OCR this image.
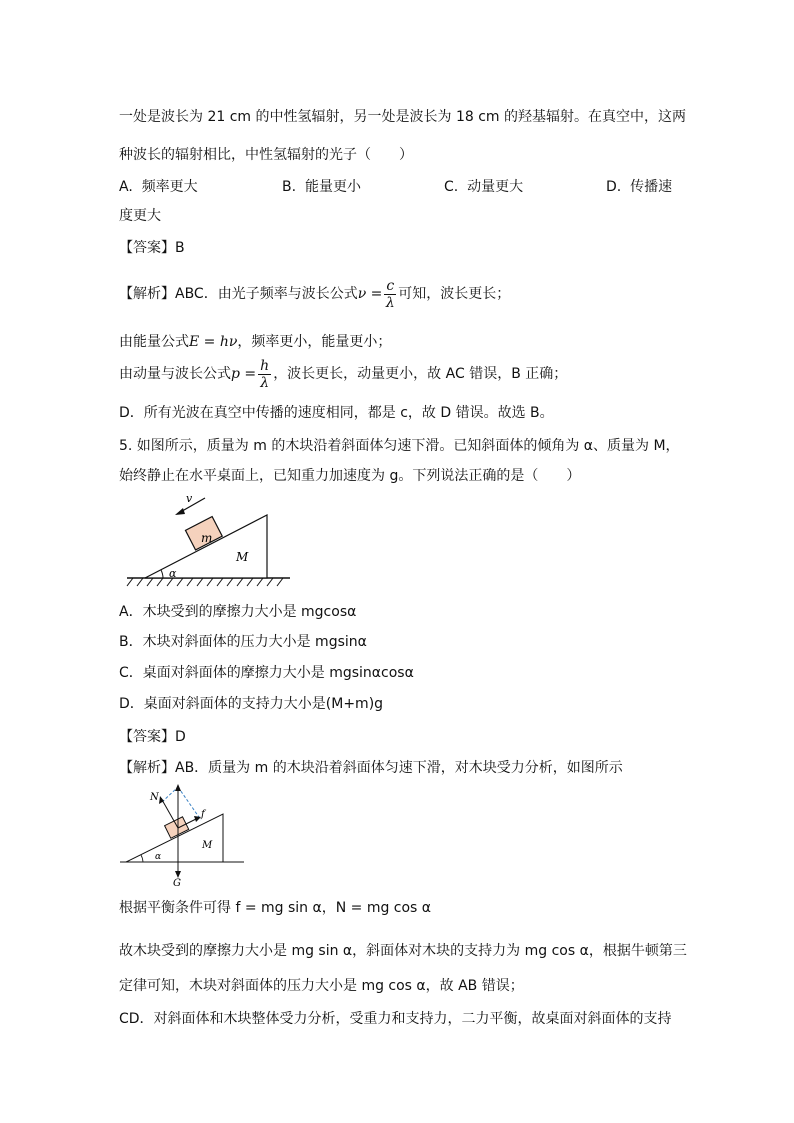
一处是波长为 21 cm 的中性氢辐射，另一处是波长为 18 cm 的羟基辐射。在真空中，这两
种波长的辐射相比，中性氢辐射的光子（　　）
A. 频率更大	B. 能量更小	C. 动量更大	D. 传播速
度更大
【答案】B
【解析】ABC．由光子频率与波长公式$\nu = \frac{c}{\lambda}$ 可知，波长更长；
由能量公式E = hν，频率更小，能量更小；
由动量与波长公式$p = \frac{h}{\lambda}$ ，波长更长，动量更小，故 AC 错误，B 正确；
D．所有光波在真空中传播的速度相同，都是 c，故 D 错误。故选 B。
5. 如图所示，质量为 m 的木块沿着斜面体匀速下滑。已知斜面体的倾角为 α、质量为 M，
始终静止在水平桌面上，已知重力加速度为 g。下列说法正确的是（　　）
α
m
M
v
A．木块受到的摩擦力大小是 mgcosα
B．木块对斜面体的压力大小是 mgsinα
C．桌面对斜面体的摩擦力大小是 mgsinαcosα
D．桌面对斜面体的支持力大小是(M+m)g
【答案】D
【解析】AB．质量为 m 的木块沿着斜面体匀速下滑，对木块受力分析，如图所示
α
M
N
f
G
根据平衡条件可得 f = mg sin α，N = mg cos α
故木块受到的摩擦力大小是 mg sin α，斜面体对木块的支持力为 mg cos α，根据牛顿第三
定律可知，木块对斜面体的压力大小是 mg cos α，故 AB 错误；
CD．对斜面体和木块整体受力分析，受重力和支持力，二力平衡，故桌面对斜面体的支持
